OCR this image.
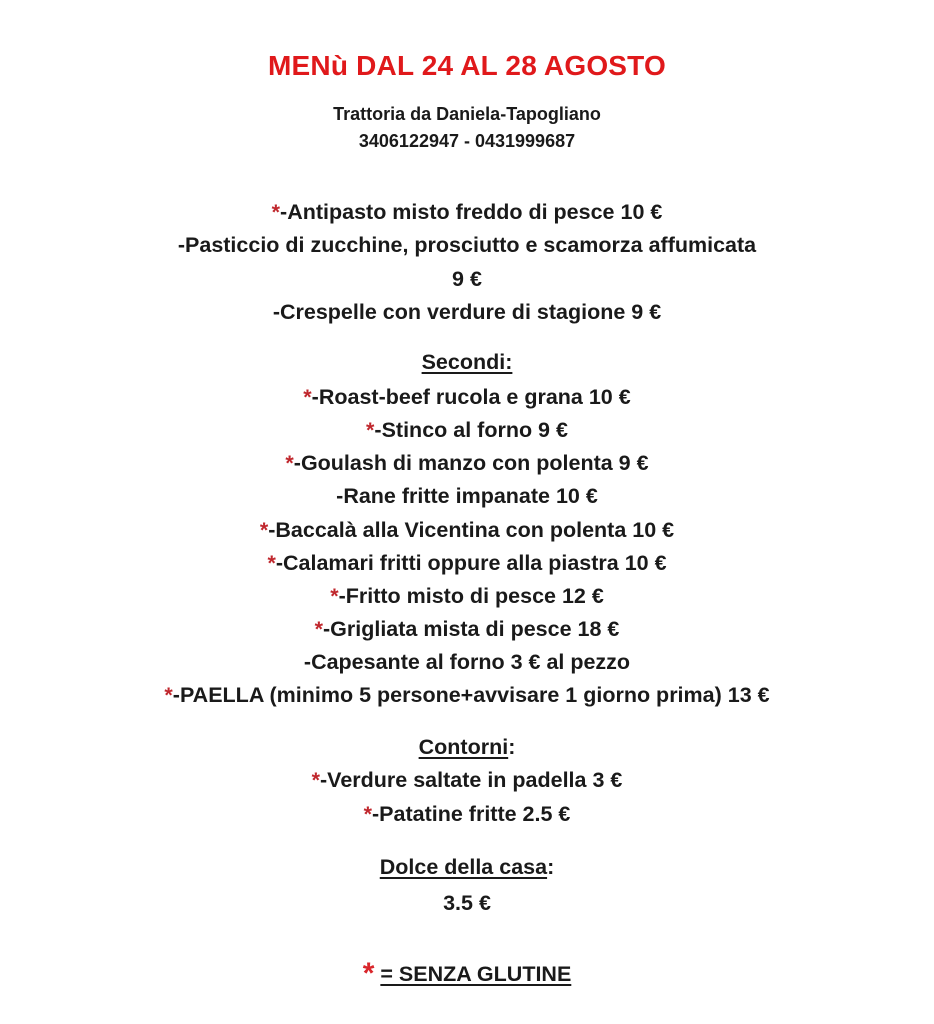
MENù DAL 24 AL 28 AGOSTO
Trattoria da Daniela-Tapogliano
3406122947 - 0431999687
*-Antipasto misto freddo di pesce 10 €
-Pasticcio di zucchine, prosciutto e scamorza affumicata
9 €
-Crespelle con verdure di stagione 9 €
Secondi:
*-Roast-beef rucola e grana 10 €
*-Stinco al forno 9 €
*-Goulash di manzo con polenta 9 €
-Rane fritte impanate 10 €
*-Baccalà alla Vicentina con polenta 10 €
*-Calamari fritti oppure alla piastra 10 €
*-Fritto misto di pesce 12 €
*-Grigliata mista di pesce 18 €
-Capesante al forno 3 € al pezzo
*-PAELLA (minimo 5 persone+avvisare 1 giorno prima) 13 €
Contorni:
*-Verdure saltate in padella 3 €
*-Patatine fritte 2.5 €
Dolce della casa:
3.5 €
* = SENZA GLUTINE
